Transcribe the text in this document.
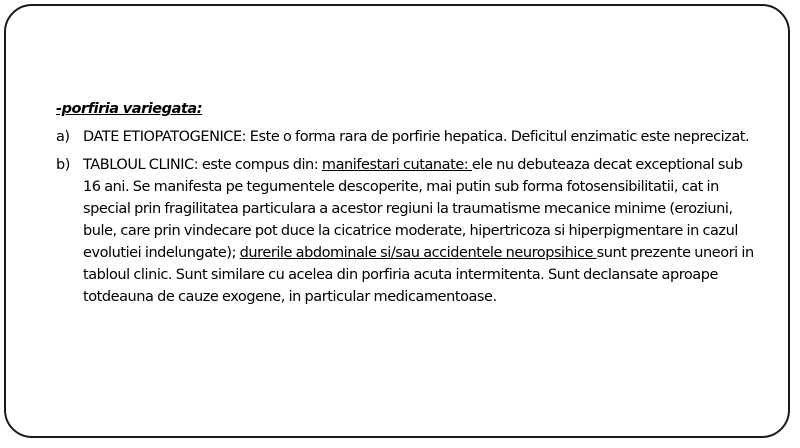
-porfiria variegata:

a) DATE ETIOPATOGENICE: Este o forma rara de porfirie hepatica. Deficitul enzimatic este neprecizat.
b) TABLOUL CLINIC: este compus din: manifestari cutanate: ele nu debuteaza decat exceptional sub 16 ani. Se manifesta pe tegumentele descoperite, mai putin sub forma fotosensibilitatii, cat in special prin fragilitatea particulara a acestor regiuni la traumatisme mecanice minime (eroziuni, bule, care prin vindecare pot duce la cicatrice moderate, hipertricoza si hiperpigmentare in cazul evolutiei indelungate); durerile abdominale si/sau accidentele neuropsihice sunt prezente uneori in tabloul clinic. Sunt similare cu acelea din porfiria acuta intermitenta. Sunt declansate aproape totdeauna de cauze exogene, in particular medicamentoase.
